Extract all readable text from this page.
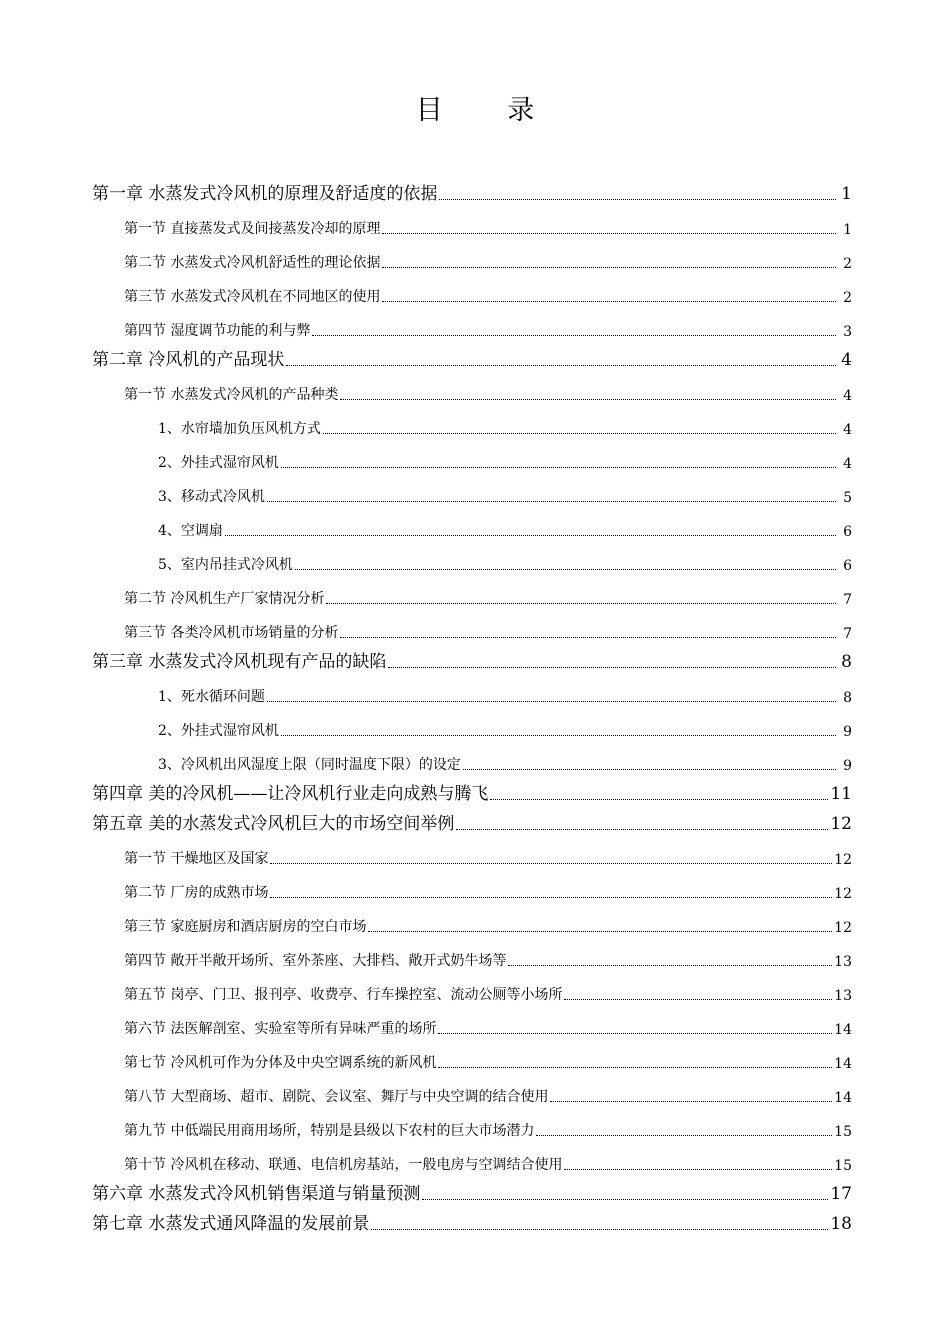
目 录
第一章 水蒸发式冷风机的原理及舒适度的依据	1
第一节 直接蒸发式及间接蒸发冷却的原理	1
第二节 水蒸发式冷风机舒适性的理论依据	2
第三节 水蒸发式冷风机在不同地区的使用	2
第四节 湿度调节功能的利与弊	3
第二章 冷风机的产品现状	4
第一节 水蒸发式冷风机的产品种类	4
1、水帘墙加负压风机方式	4
2、外挂式湿帘风机	4
3、移动式冷风机	5
4、空调扇	6
5、室内吊挂式冷风机	6
第二节 冷风机生产厂家情况分析	7
第三节 各类冷风机市场销量的分析	7
第三章 水蒸发式冷风机现有产品的缺陷	8
1、死水循环问题	8
2、外挂式湿帘风机	9
3、冷风机出风湿度上限（同时温度下限）的设定	9
第四章 美的冷风机——让冷风机行业走向成熟与腾飞	11
第五章 美的水蒸发式冷风机巨大的市场空间举例	12
第一节 干燥地区及国家	12
第二节 厂房的成熟市场	12
第三节 家庭厨房和酒店厨房的空白市场	12
第四节 敞开半敞开场所、室外茶座、大排档、敞开式奶牛场等	13
第五节 岗亭、门卫、报刊亭、收费亭、行车操控室、流动公厕等小场所	13
第六节 法医解剖室、实验室等所有异味严重的场所	14
第七节 冷风机可作为分体及中央空调系统的新风机	14
第八节 大型商场、超市、剧院、会议室、舞厅与中央空调的结合使用	14
第九节 中低端民用商用场所，特别是县级以下农村的巨大市场潜力	15
第十节 冷风机在移动、联通、电信机房基站，一般电房与空调结合使用	15
第六章 水蒸发式冷风机销售渠道与销量预测	17
第七章 水蒸发式通风降温的发展前景	18
